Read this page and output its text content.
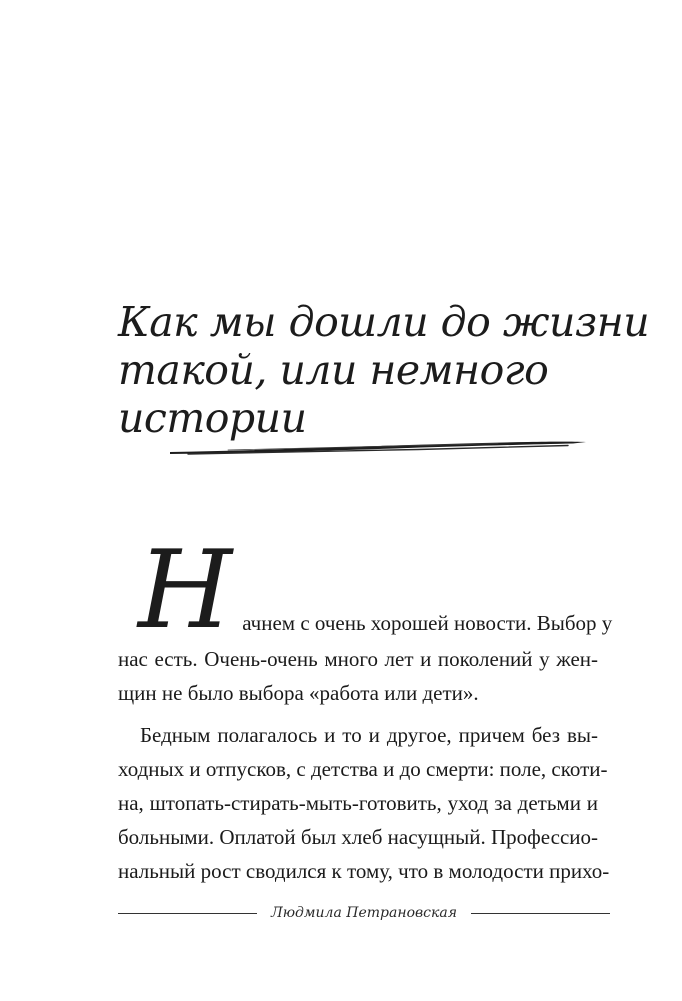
Как мы дошли до жизни
такой, или немного
истории
Н ачнем с очень хорошей новости. Выбор у

нас есть. Очень-очень много лет и поколений у жен-
щин не было выбора «работа или дети».

Бедным полагалось и то и другое, причем без вы-
ходных и отпусков, с детства и до смерти: поле, скоти-
на, штопать-стирать-мыть-готовить, уход за детьми и
больными. Оплатой был хлеб насущный. Профессио-
нальный рост сводился к тому, что в молодости прихо-

Людмила Петрановская
